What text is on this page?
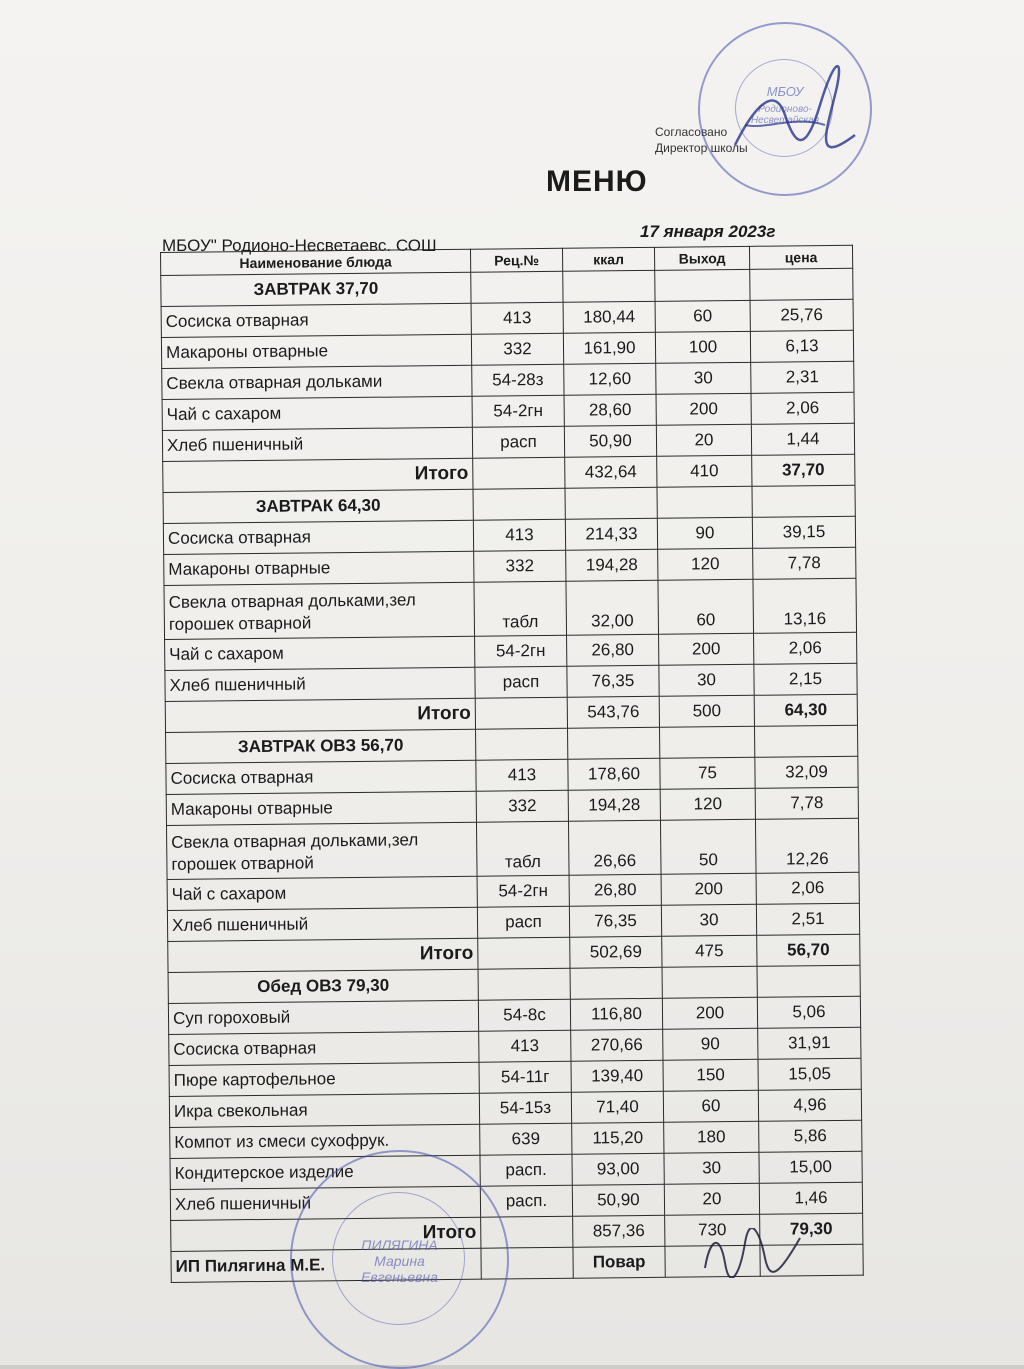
Согласовано
Директор школы
МЕНЮ
МБОУ" Родионо-Несветаевс. СОШ
17 января 2023г
Наименование блюда	Рец.№	ккал	Выход	цена
ЗАВТРАК 37,70				
Сосиска отварная	413	180,44	60	25,76
Макароны отварные	332	161,90	100	6,13
Свекла отварная дольками	54-28з	12,60	30	2,31
Чай с сахаром	54-2гн	28,60	200	2,06
Хлеб пшеничный	расп	50,90	20	1,44
Итого		432,64	410	37,70
ЗАВТРАК 64,30				
Сосиска отварная	413	214,33	90	39,15
Макароны отварные	332	194,28	120	7,78
Свекла отварная дольками,зел горошек отварной	табл	32,00	60	13,16
Чай с сахаром	54-2гн	26,80	200	2,06
Хлеб пшеничный	расп	76,35	30	2,15
Итого		543,76	500	64,30
ЗАВТРАК ОВЗ 56,70				
Сосиска отварная	413	178,60	75	32,09
Макароны отварные	332	194,28	120	7,78
Свекла отварная дольками,зел горошек отварной	табл	26,66	50	12,26
Чай с сахаром	54-2гн	26,80	200	2,06
Хлеб пшеничный	расп	76,35	30	2,51
Итого		502,69	475	56,70
Обед ОВЗ 79,30				
Суп гороховый	54-8с	116,80	200	5,06
Сосиска отварная	413	270,66	90	31,91
Пюре картофельное	54-11г	139,40	150	15,05
Икра свекольная	54-15з	71,40	60	4,96
Компот из смеси сухофрук.	639	115,20	180	5,86
Кондитерское изделие	расп.	93,00	30	15,00
Хлеб пшеничный	расп.	50,90	20	1,46
Итого		857,36	730	79,30
ИП Пилягина М.Е.		Повар		
МБОУ
Родионово-Несветайская
ПИЛЯГИНА Марина Евгеньевна
